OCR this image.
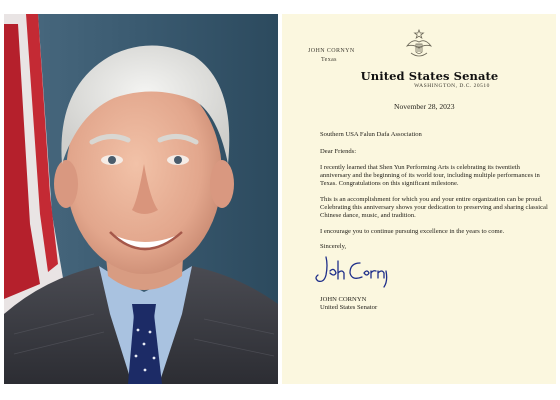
JOHN CORNYN
Texas
United States Senate
WASHINGTON, D.C. 20510
November 28, 2023

Southern USA Falun Dafa Association

Dear Friends:

I recently learned that Shen Yun Performing Arts is celebrating its twentieth anniversary and the beginning of its world tour, including multiple performances in Texas. Congratulations on this significant milestone.

This is an accomplishment for which you and your entire organization can be proud. Celebrating this anniversary shows your dedication to preserving and sharing classical Chinese dance, music, and tradition.

I encourage you to continue pursuing excellence in the years to come.

Sincerely,

JOHN CORNYN
United States Senator
